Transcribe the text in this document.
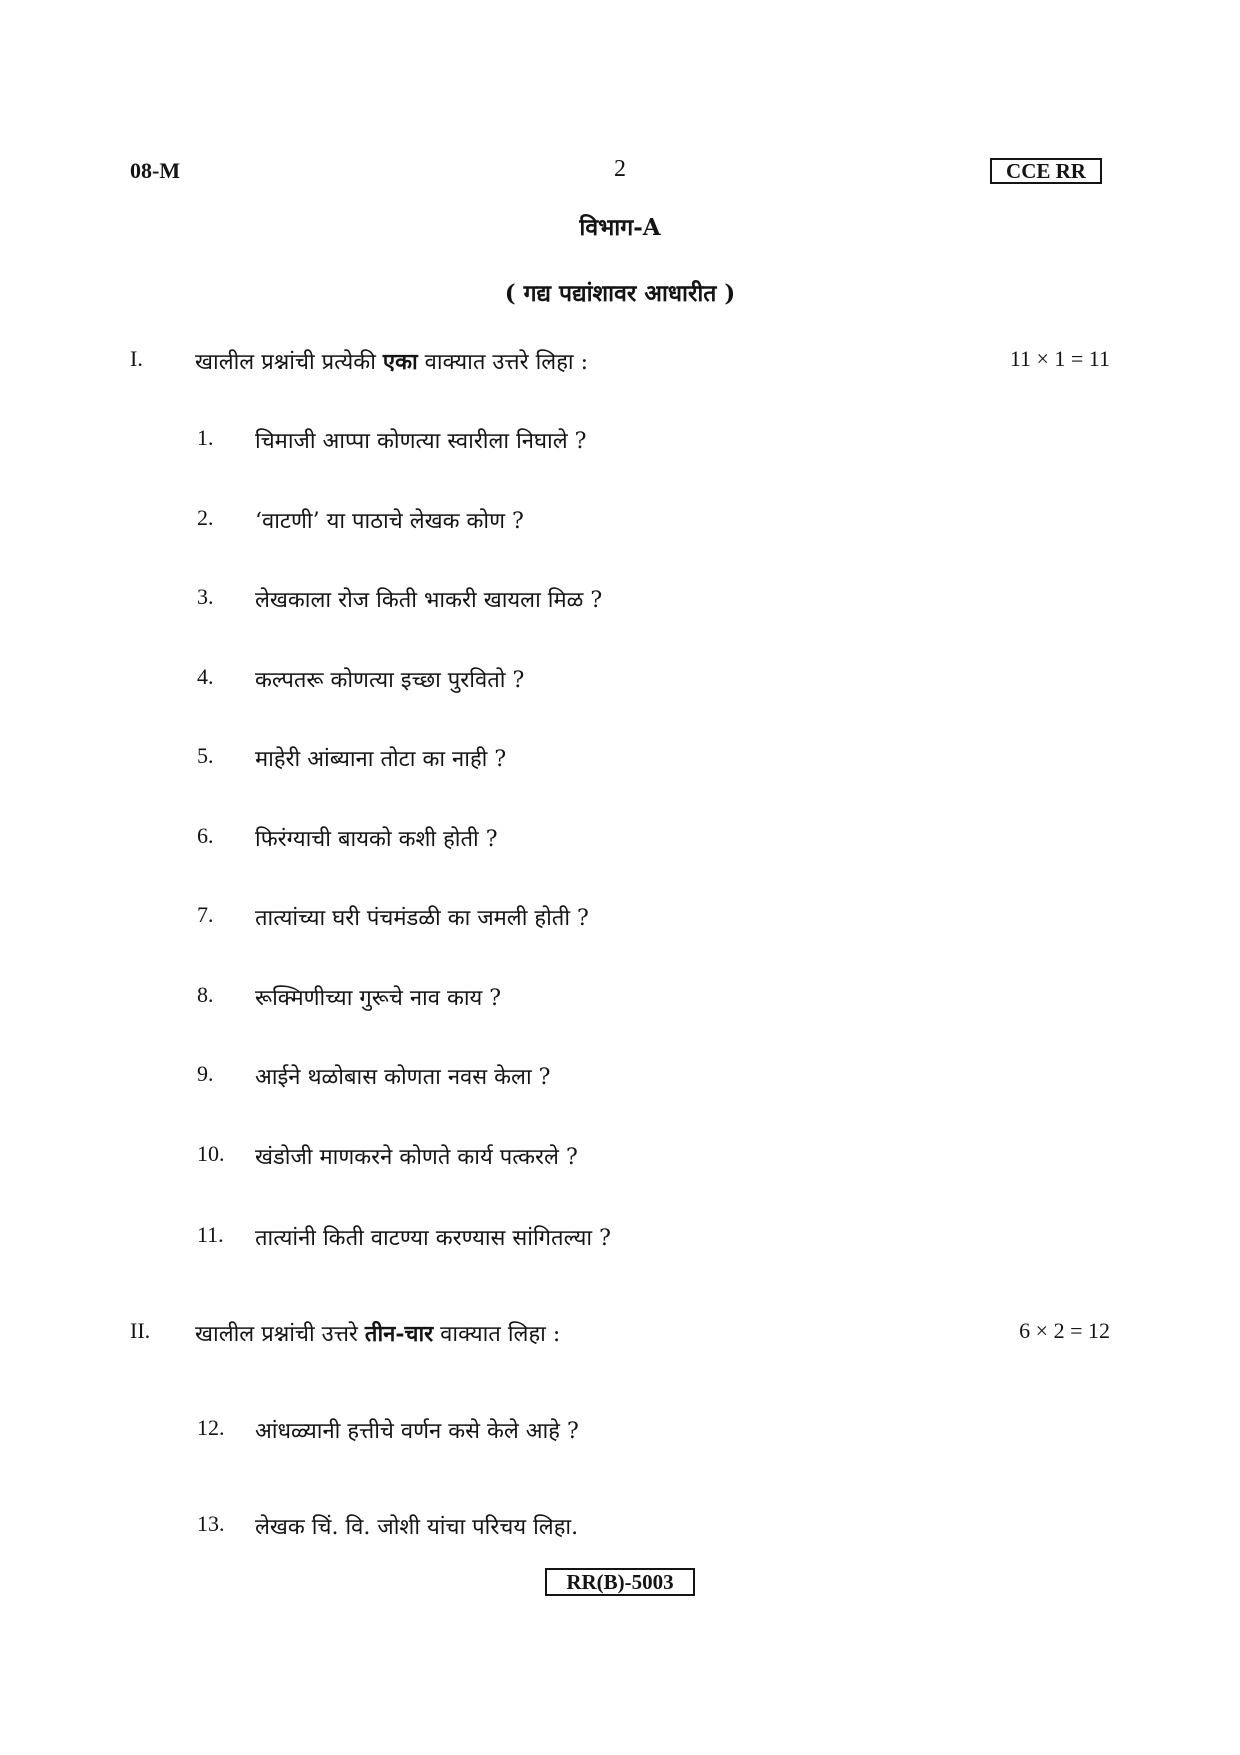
08-M	2	CCE RR
विभाग-A
( गद्य पद्यांशावर आधारीत )
I. खालील प्रश्नांची प्रत्येकी एका वाक्यात उत्तरे लिहा :	11 × 1 = 11
1. चिमाजी आप्पा कोणत्या स्वारीला निघाले ?
2. ‘वाटणी’ या पाठाचे लेखक कोण ?
3. लेखकाला रोज किती भाकरी खायला मिळ ?
4. कल्पतरू कोणत्या इच्छा पुरवितो ?
5. माहेरी आंब्याना तोटा का नाही ?
6. फिरंग्याची बायको कशी होती ?
7. तात्यांच्या घरी पंचमंडळी का जमली होती ?
8. रूक्मिणीच्या गुरूचे नाव काय ?
9. आईने थळोबास कोणता नवस केला ?
10. खंडोजी माणकरने कोणते कार्य पत्करले ?
11. तात्यांनी किती वाटण्या करण्यास सांगितल्या ?
II. खालील प्रश्नांची उत्तरे तीन-चार वाक्यात लिहा :	6 × 2 = 12
12. आंधळ्यानी हत्तीचे वर्णन कसे केले आहे ?
13. लेखक चिं. वि. जोशी यांचा परिचय लिहा.
RR(B)-5003
